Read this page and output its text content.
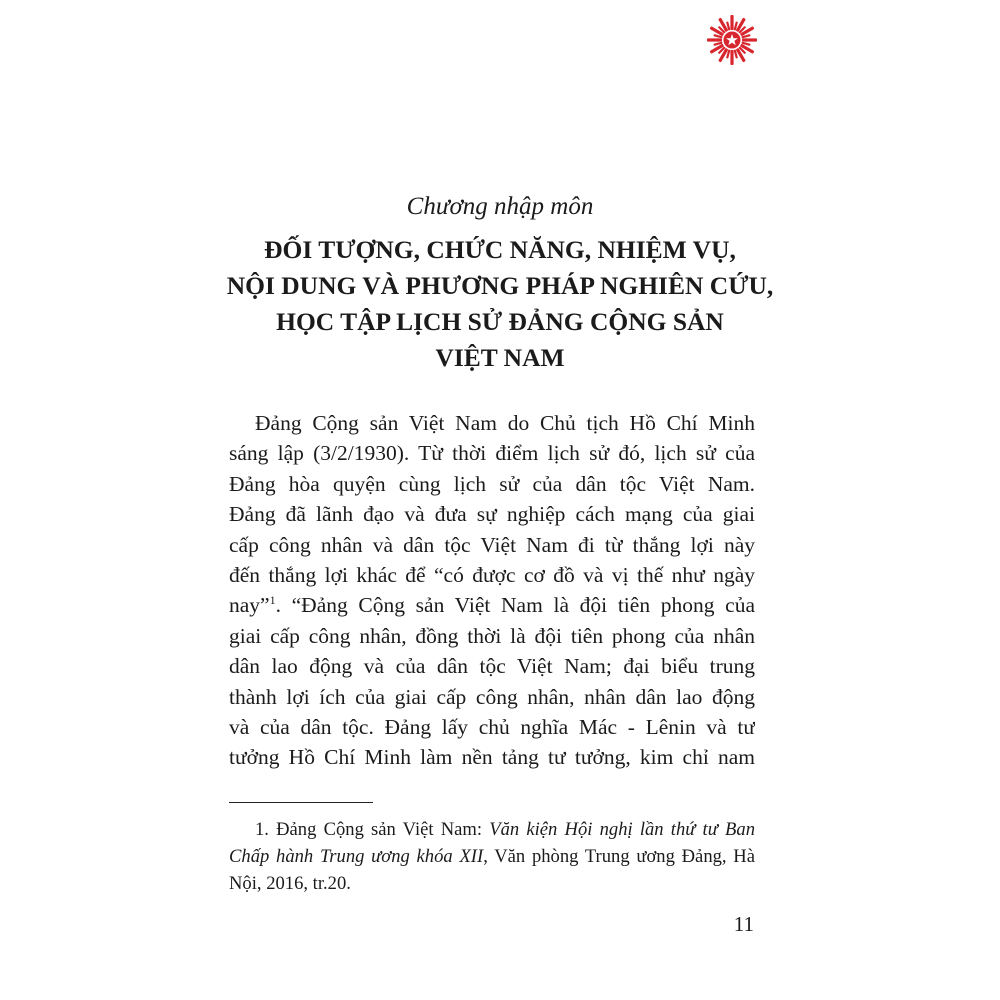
Chương nhập môn
ĐỐI TƯỢNG, CHỨC NĂNG, NHIỆM VỤ,
NỘI DUNG VÀ PHƯƠNG PHÁP NGHIÊN CỨU,
HỌC TẬP LỊCH SỬ ĐẢNG CỘNG SẢN
VIỆT NAM
Đảng Cộng sản Việt Nam do Chủ tịch Hồ Chí Minh
sáng lập (3/2/1930). Từ thời điểm lịch sử đó, lịch sử của
Đảng hòa quyện cùng lịch sử của dân tộc Việt Nam.
Đảng đã lãnh đạo và đưa sự nghiệp cách mạng của giai
cấp công nhân và dân tộc Việt Nam đi từ thắng lợi này
đến thắng lợi khác để “có được cơ đồ và vị thế như ngày
nay”$^1$. “Đảng Cộng sản Việt Nam là đội tiên phong của
giai cấp công nhân, đồng thời là đội tiên phong của nhân
dân lao động và của dân tộc Việt Nam; đại biểu trung
thành lợi ích của giai cấp công nhân, nhân dân lao động
và của dân tộc. Đảng lấy chủ nghĩa Mác - Lênin và tư
tưởng Hồ Chí Minh làm nền tảng tư tưởng, kim chỉ nam
1. Đảng Cộng sản Việt Nam: Văn kiện Hội nghị lần thứ tư Ban
Chấp hành Trung ương khóa XII, Văn phòng Trung ương Đảng, Hà
Nội, 2016, tr.20.
11
